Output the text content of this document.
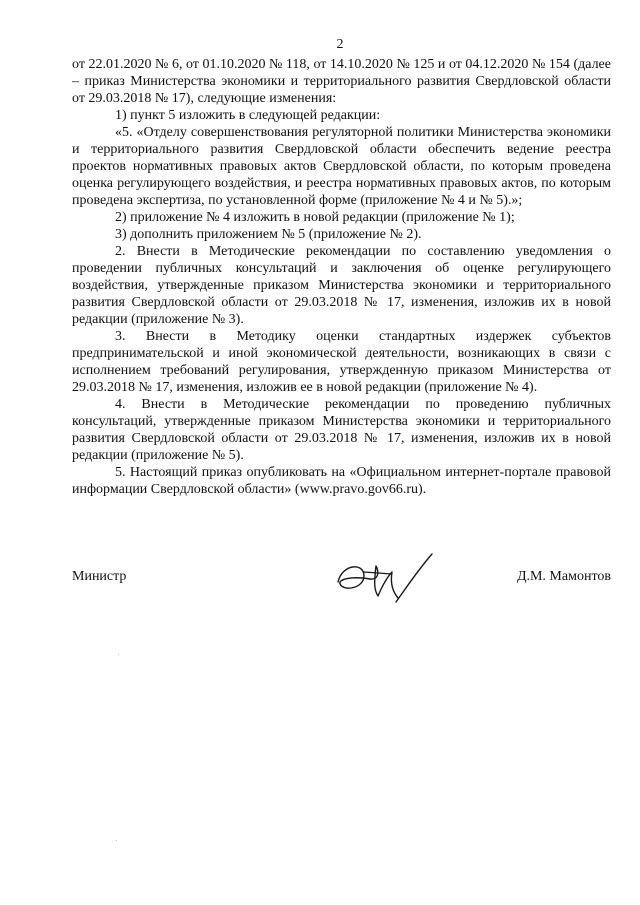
2

от 22.01.2020 № 6, от 01.10.2020 № 118, от 14.10.2020 № 125 и от 04.12.2020 № 154 (далее – приказ Министерства экономики и территориального развития Свердловской области от 29.03.2018 № 17), следующие изменения:

1) пункт 5 изложить в следующей редакции:

«5. «Отделу совершенствования регуляторной политики Министерства экономики и территориального развития Свердловской области обеспечить ведение реестра проектов нормативных правовых актов Свердловской области, по которым проведена оценка регулирующего воздействия, и реестра нормативных правовых актов, по которым проведена экспертиза, по установленной форме (приложение № 4 и № 5).»;

2) приложение № 4 изложить в новой редакции (приложение № 1);

3) дополнить приложением № 5 (приложение № 2).

2. Внести в Методические рекомендации по составлению уведомления о проведении публичных консультаций и заключения об оценке регулирующего воздействия, утвержденные приказом Министерства экономики и территориального развития Свердловской области от 29.03.2018 № 17, изменения, изложив их в новой редакции (приложение № 3).

3. Внести в Методику оценки стандартных издержек субъектов предпринимательской и иной экономической деятельности, возникающих в связи с исполнением требований регулирования, утвержденную приказом Министерства от 29.03.2018 № 17, изменения, изложив ее в новой редакции (приложение № 4).

4. Внести в Методические рекомендации по проведению публичных консультаций, утвержденные приказом Министерства экономики и территориального развития Свердловской области от 29.03.2018 № 17, изменения, изложив их в новой редакции (приложение № 5).

5. Настоящий приказ опубликовать на «Официальном интернет-портале правовой информации Свердловской области» (www.pravo.gov66.ru).

Министр	Д.М. Мамонтов
